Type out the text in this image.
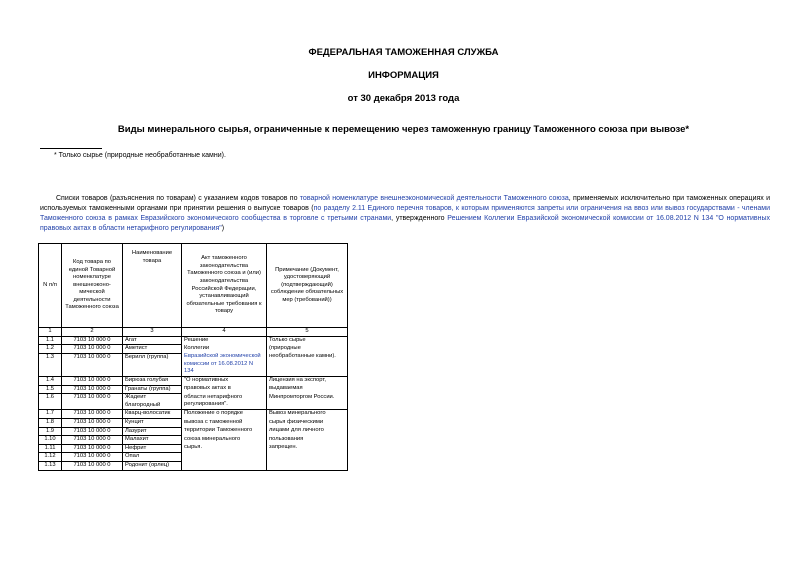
ФЕДЕРАЛЬНАЯ ТАМОЖЕННАЯ СЛУЖБА
ИНФОРМАЦИЯ
от 30 декабря 2013 года
Виды минерального сырья, ограниченные к перемещению через таможенную границу Таможенного союза при вывозе*
* Только сырье (природные необработанные камни).
Списки товаров (разъяснения по товарам) с указанием кодов товаров по товарной номенклатуре внешнеэкономической деятельности Таможенного союза, применяемых исключительно при таможенных операциях и используемых таможенными органами при принятии решения о выпуске товаров (по разделу 2.11 Единого перечня товаров, к которым применяются запреты или ограничения на ввоз или вывоз государствами - членами Таможенного союза в рамках Евразийского экономического сообщества в торговле с третьими странами, утвержденного Решением Коллегии Евразийской экономической комиссии от 16.08.2012 N 134 "О нормативных правовых актах в области нетарифного регулирования")
N п/п	Код товара по единой Товарной номенклатуре внешнеэконо-мической деятельности Таможенного союза	Наименование товара	Акт таможенного законодательства Таможенного союза и (или) законодательства Российской Федерации, устанавливающий обязательные требования к товару	Примечание (Документ, удостоверяющий (подтверждающий) соблюдение обязательных мер (требований))
1	2	3	4	5
1.1	7103 10 000 0	Агат	Решение	Только сырье
1.2	7103 10 000 0	Аметист	Коллегии	(природные
1.3	7103 10 000 0	Берилл (группа)	Евразийской экономической комиссии от 16.08.2012 N 134	необработанные камни).
1.4	7103 10 000 0	Бирюза голубая	"О нормативных	Лицензия на экспорт,
1.5	7103 10 000 0	Гранаты (группа)	правовых актах в	выдаваемая
1.6	7103 10 000 0	Жадеит благородный	области нетарифного регулирования".	Минпромторгом России.
1.7	7103 10 000 0	Кварц-волосатик	Положение о порядке	Вывоз минерального
1.8	7103 10 000 0	Кунцит	вывоза с таможенной	сырья физическими
1.9	7103 10 000 0	Лазурит	территории Таможенного	лицами для личного
1.10	7103 10 000 0	Малахит	союза минерального	пользования
1.11	7103 10 000 0	Нефрит	сырья.	запрещен.
1.12	7103 10 000 0	Опал		
1.13	7103 10 000 0	Родонит (орлец)		
